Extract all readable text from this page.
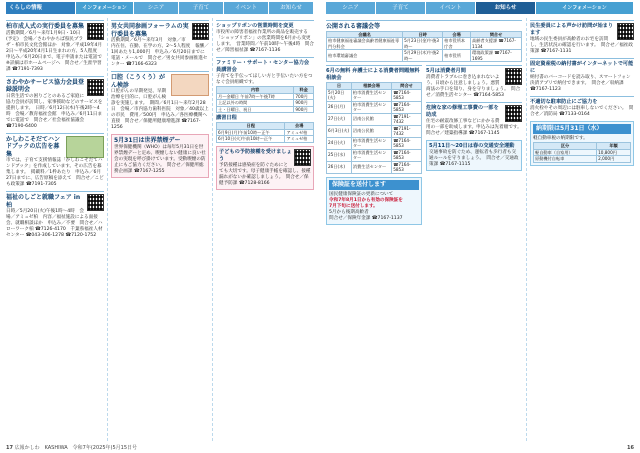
くらしの情報	インフォメーション	シニア	子育て	イベント	お知らせ
柏市成人式の実行委員を募集

活動期間／6月〜来年1月9日・10日(予定)　会場／さわやかちば県民プラザ・柏市民文化会館ほか　対象／平成19年4月2日〜平成20年4月1日生まれの方、5人程度　申込み／6月20日まで、電子申請または電話で　※詳細は市ホームページへ　問合せ／生涯学習課 ☎7191-7393

さわやかサービス協力会員登録説明会

日常生活での困りごとのあるご家庭に協力会員が訪問し、家事援助などのサービスを提供します。　日時／6月12日(木)午後2時〜4時　会場／教育福祉会館　申込み／6月11日までに電話で　問合せ／社会福祉協議会 ☎7190-6400

かしわこそだてハンドブックの広告を募集

市では、子育て支援情報誌「かしわこそだてハンドブック」を作成しています。その広告を募集します。　掲載料／1枠あたり　申込み／6月27日までに、広告原稿を添えて　問合せ／こども政策課 ☎7191-7305

福祉のしごと就職フェア in 柏

日時／5月20日(火)午後1時〜4時　会場／アミュゼ柏　内容／福祉施設による面接会、就職相談ほか　申込み／不要　問合せ／ハローワーク柏 ☎7126-4170　千葉県福祉人材センター ☎043-306-1278 ☎7120-1752

男女共同参画フォーラムの実行委員を募集

活動期間／6月〜来年3月　対象／市内在住、在勤、在学の方、2〜5人程度　報酬／1回あたり1,000円　申込み／6月20日までに電話・メールで　問合せ／男女共同参画推進センター ☎7166-6323

口腔（こうくう）がん検診

口腔がんの早期発見、早期治療を目的に、口腔がん検診を実施します。　期間／6月1日〜来年2月28日　会場／市内協力歯科医院　対象／40歳以上の市民　費用／500円　申込み／各医療機関へ直接　問合せ／保健所健康増進課 ☎7167-1256

5月31日は世界禁煙デー

世界保健機関（WHO）は毎年5月31日を世界禁煙デーと定め、喫煙しない健康に良い社会の実現を呼び掛けています。受動喫煙の防止にもご協力ください。　問合せ／保健所総務企画課 ☎7167-1255

ショップリボンの営業時間を変更

市役所の障害者福祉作業所の商品を販売する「ショップリボン」の営業時間を6月から変更します。　営業時間／午前10時〜午後4時　問合せ／障害福祉課 ☎7167-1136

ファミリー・サポート・センター協力会員講習会

子育てを手伝ってほしい方と手伝いたい方をつなぐ会員組織です。

内容	料金
月〜金曜日 午前7時〜午後7時	700円
上記以外の時間	900円
土・日曜日、祝日	900円
講習日程
日程	会場
6月9日(月)午前10時〜正午	アミュゼ柏
6月10日(火)午前10時〜正午	アミュゼ柏
子どもの予防接種を受けましょう

予防接種は感染症を防ぐためにとても大切です。母子健康手帳を確認し、接種漏れがないか確認しましょう。　問合せ／保健予防課 ☎7128-8166

17 広報かしわ　KASHIWA　令和7年(2025年)5月15日号
シニア	子育て	イベント	お知らせ	インフォメーション
公開される審議会等
会議名	日時	会場	問合せ
柏市健康福祉審議会高齢者健康福祉専門分科会	5月23日(金)午後3時〜	柏市役所本庁舎	高齢者支援課 ☎7167-1134
柏市環境審議会	5月29日(木)午後2時〜	柏市役所	環境政策課 ☎7167-1695
6月の無料 弁護士による消費者問題無料相談会
日	相談会場	問合せ
5月20日(火)	柏市消費生活センター	☎7164-5853
26日(月)	柏市消費生活センター	☎7164-5853
27日(火)	沼南公民館	☎7191-7432
6月3日(火)	沼南公民館	☎7191-7432
24日(火)	柏市消費生活センター	☎7164-5853
25日(水)	柏市消費生活センター	☎7164-5853
26日(木)	消費生活センター	☎7164-5853
保険証を送付します

国民健康保険証の更新について

令和7年8月1日から有効の保険証を

7月下旬に送付します。

5月から後期高齢者

問合せ／保険年金課 ☎7167-1137

5月は消費者月間

消費者トラブルに巻き込まれないよう、日頃から注意しましょう。悪質商法の手口を知り、身を守りましょう。　問合せ／消費生活センター ☎7164-5853

危険な家の修理工事費の一部を助成

住宅の耐震改修工事などにかかる費用の一部を助成します。申込みは先着順です。　問合せ／建築指導課 ☎7167-1145

5月11日〜20日は春の交通安全運動

交通事故を防ぐため、運転者も歩行者も交通ルールを守りましょう。　問合せ／交通政策課 ☎7167-1115

民生委員による声かけ訪問が始まります

地域の民生委員が高齢者のお宅を訪問し、生活状況の確認を行います。　問合せ／福祉政策課 ☎7167-1131

固定資産税の納付書がインターネットで可能に

納付書のバーコードを読み取り、スマートフォン決済アプリで納付できます。　問合せ／収納課 ☎7167-1123

不適切な駐車防止にご協力を

消火栓やその周辺には駐車しないでください。　問合せ／消防局 ☎7133-0164

納期限は5月31日（水）

軽自動車税の納期限です。

区分	年額
軽自動車（自家用）	10,800円
原動機付自転車	2,000円
16
